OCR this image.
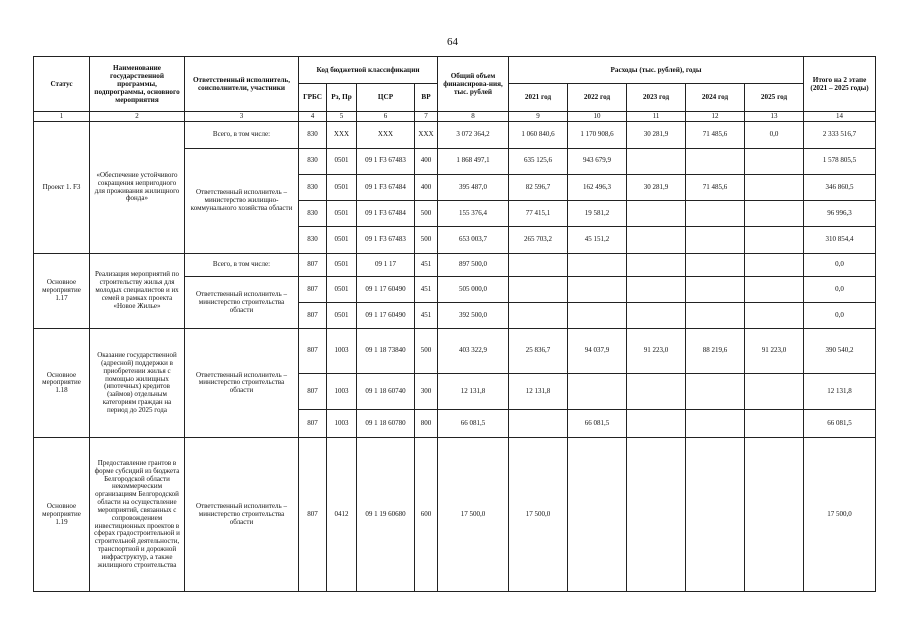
64
Статус	Наименование государственной программы, подпрограммы, основного мероприятия	Ответственный исполнитель, соисполнители, участники	Код бюджетной классификации				Общий объем финансирова-ния, тыс. рублей	Расходы (тыс. рублей), годы					Итого на 2 этапе (2021 – 2025 годы)
			ГРБС	Рз, Пр	ЦСР	ВР		2021 год	2022 год	2023 год	2024 год	2025 год	
1	2	3	4	5	6	7	8	9	10	11	12	13	14
Проект 1. F3	«Обеспечение устойчивого сокращения непригодного для проживания жилищного фонда»	Всего, в том числе:	830	ХХХ	ХХХ	ХХХ	3 072 364,2	1 060 840,6	1 170 908,6	30 281,9	71 485,6	0,0	2 333 516,7
		Ответственный исполнитель – министерство жилищно-коммунального хозяйства области	830	0501	09 1 F3 67483	400	1 868 497,1	635 125,6	943 679,9				1 578 805,5
			830	0501	09 1 F3 67484	400	395 487,0	82 596,7	162 496,3	30 281,9	71 485,6		346 860,5
			830	0501	09 1 F3 67484	500	155 376,4	77 415,1	19 581,2				96 996,3
			830	0501	09 1 F3 67483	500	653 003,7	265 703,2	45 151,2				310 854,4
Основное мероприятие 1.17	Реализация мероприятий по строительству жилья для молодых специалистов и их семей в рамках проекта «Новое Жилье»	Всего, в том числе:	807	0501	09 1 17	451	897 500,0						0,0
		Ответственный исполнитель – министерство строительства области	807	0501	09 1 17 60490	451	505 000,0						0,0
			807	0501	09 1 17 60490	451	392 500,0						0,0
Основное мероприятие 1.18	Оказание государственной (адресной) поддержки в приобретении жилья с помощью жилищных (ипотечных) кредитов (займов) отдельным категориям граждан на период до 2025 года	Ответственный исполнитель – министерство строительства области	807	1003	09 1 18 73840	500	403 322,9	25 836,7	94 037,9	91 223,0	88 219,6	91 223,0	390 540,2
			807	1003	09 1 18 60740	300	12 131,8	12 131,8					12 131,8
			807	1003	09 1 18 60780	800	66 081,5		66 081,5				66 081,5
Основное мероприятие 1.19	Предоставление грантов в форме субсидий из бюджета Белгородской области некоммерческим организациям Белгородской области на осуществление мероприятий, связанных с сопровождением инвестиционных проектов в сферах градостроительной и строительной деятельности, транспортной и дорожной инфраструктур, а также жилищного строительства	Ответственный исполнитель – министерство строительства области	807	0412	09 1 19 60680	600	17 500,0	17 500,0					17 500,0
